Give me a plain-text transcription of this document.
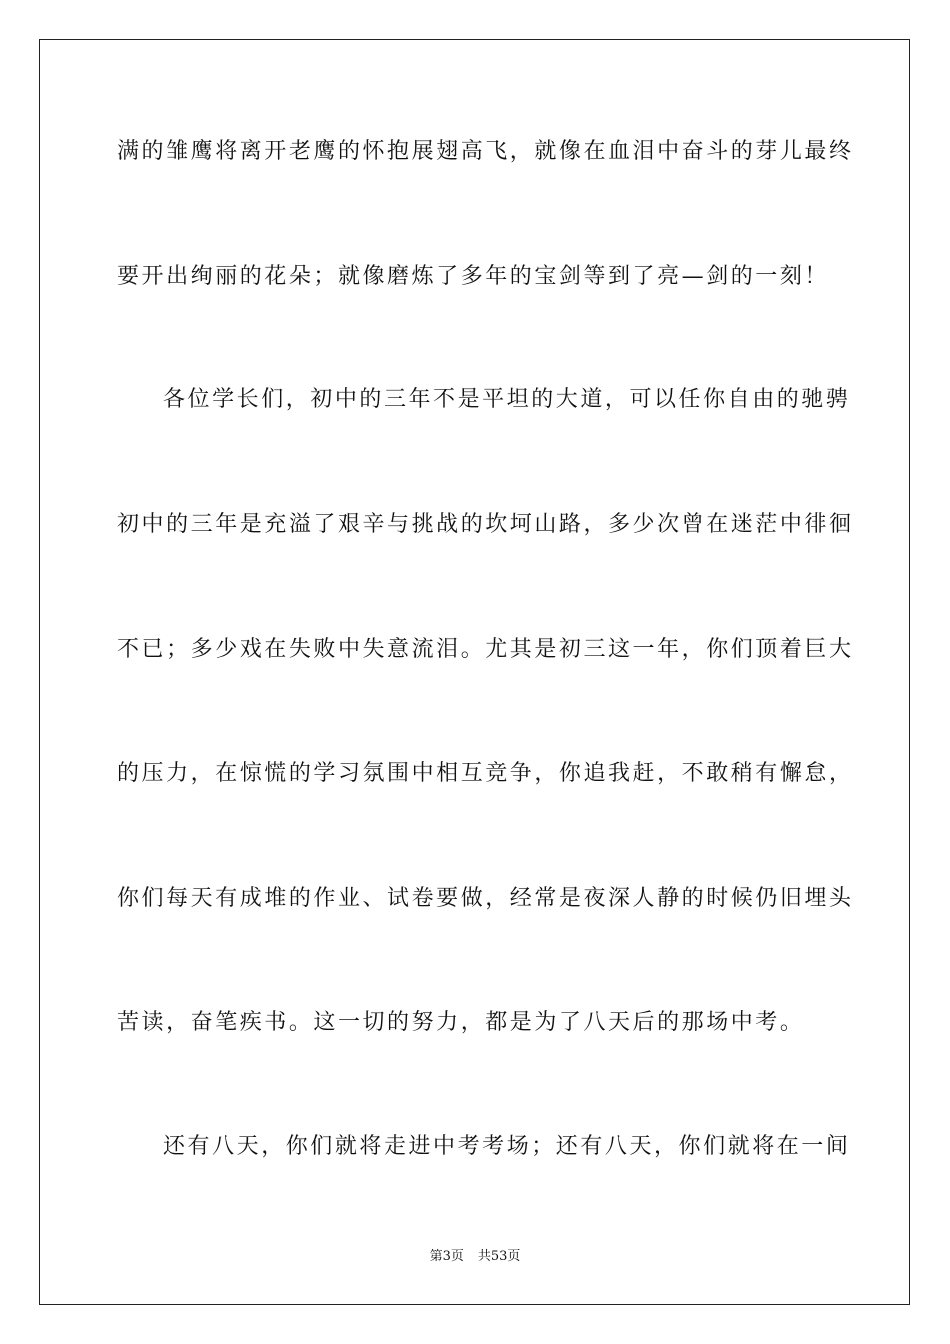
满的雏鹰将离开老鹰的怀抱展翅高飞，就像在血泪中奋斗的芽儿最终
要开出绚丽的花朵；就像磨炼了多年的宝剑等到了亮—剑的一刻！
各位学长们，初中的三年不是平坦的大道，可以任你自由的驰骋
初中的三年是充溢了艰辛与挑战的坎坷山路，多少次曾在迷茫中徘徊
不已；多少戏在失败中失意流泪。尤其是初三这一年，你们顶着巨大
的压力，在惊慌的学习氛围中相互竞争，你追我赶，不敢稍有懈怠，
你们每天有成堆的作业、试卷要做，经常是夜深人静的时候仍旧埋头
苦读，奋笔疾书。这一切的努力，都是为了八天后的那场中考。
还有八天，你们就将走进中考考场；还有八天，你们就将在一间
第3页 共53页
